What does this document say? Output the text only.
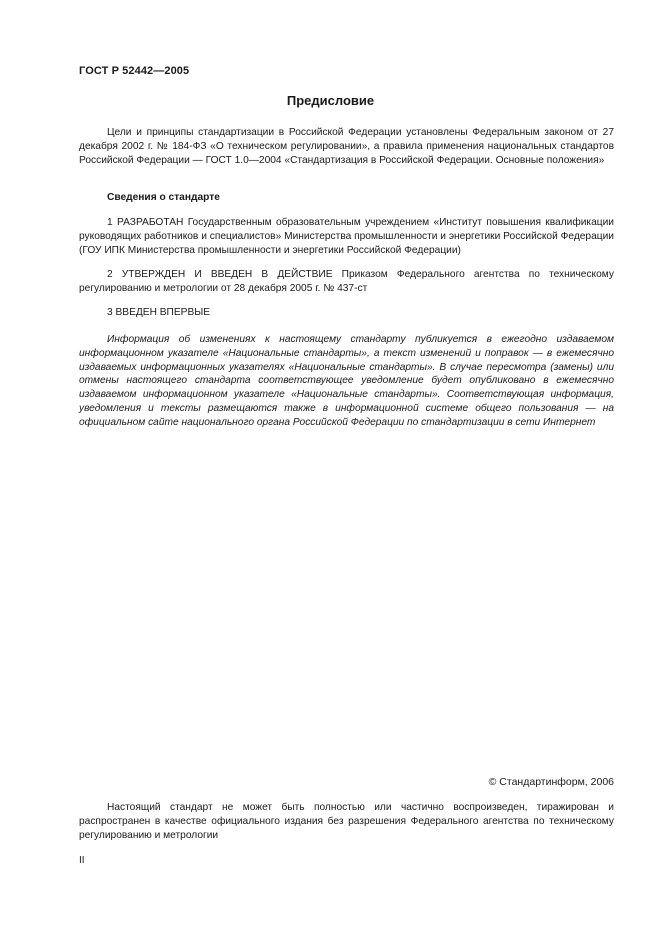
ГОСТ Р 52442—2005
Предисловие
Цели и принципы стандартизации в Российской Федерации установлены Федеральным законом от 27 декабря 2002 г. № 184-ФЗ «О техническом регулировании», а правила применения национальных стандартов Российской Федерации — ГОСТ 1.0—2004 «Стандартизация в Российской Федерации. Основные положения»
Сведения о стандарте
1 РАЗРАБОТАН Государственным образовательным учреждением «Институт повышения квалификации руководящих работников и специалистов» Министерства промышленности и энергетики Российской Федерации (ГОУ ИПК Министерства промышленности и энергетики Российской Федерации)
2 УТВЕРЖДЕН И ВВЕДЕН В ДЕЙСТВИЕ Приказом Федерального агентства по техническому регулированию и метрологии от 28 декабря 2005 г. № 437-ст
3 ВВЕДЕН ВПЕРВЫЕ
Информация об изменениях к настоящему стандарту публикуется в ежегодно издаваемом информационном указателе «Национальные стандарты», а текст изменений и поправок — в ежемесячно издаваемых информационных указателях «Национальные стандарты». В случае пересмотра (замены) или отмены настоящего стандарта соответствующее уведомление будет опубликовано в ежемесячно издаваемом информационном указателе «Национальные стандарты». Соответствующая информация, уведомления и тексты размещаются также в информационной системе общего пользования — на официальном сайте национального органа Российской Федерации по стандартизации в сети Интернет
© Стандартинформ, 2006
Настоящий стандарт не может быть полностью или частично воспроизведен, тиражирован и распространен в качестве официального издания без разрешения Федерального агентства по техническому регулированию и метрологии
II
